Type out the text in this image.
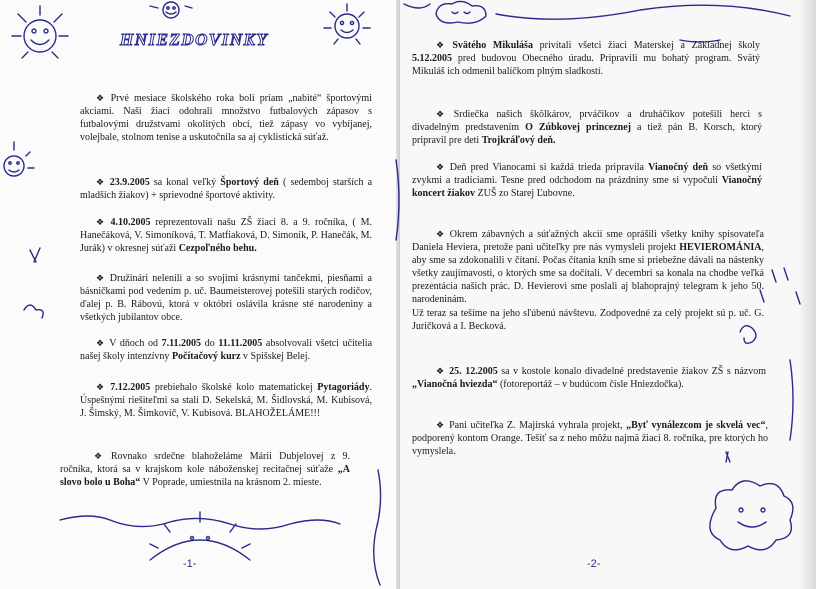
HNIEZDOVINKY

❖ Prvé mesiace školského roka boli priam „nabité“ športovými akciami. Naši žiaci odohrali množstvo futbalových zápasov s futbalovými družstvami okolitých obcí, tiež zápasy vo vybíjanej, volejbale, stolnom tenise a uskutočnila sa aj cyklistická súťaž.

❖ 23.9.2005 sa konal veľký Športový deň ( sedemboj starších a mladších žiakov) + sprievodné športové aktivity.

❖ 4.10.2005 reprezentovali našu ZŠ žiaci 8. a 9. ročníka, ( M. Hanečáková, V. Simoníková, T. Matfiaková, D. Simoník, P. Hanečák, M. Jurák) v okresnej súťaži Cezpoľného behu.

❖ Družinári nelenili a so svojimi krásnymi tančekmi, piesňami a básničkami pod vedením p. uč. Baumeisterovej potešili starých rodičov, ďalej p. B. Rábovú, ktorá v októbri oslávila krásne sté narodeniny a všetkých jubilantov obce.

❖ V dňoch od 7.11.2005 do 11.11.2005 absolvovali všetci učitelia našej školy intenzívny Počítačový kurz v Spišskej Belej.

❖ 7.12.2005 prebiehalo školské kolo matematickej Pytagoriády. Úspešnými riešiteľmi sa stali D. Sekelská, M. Šidlovská, M. Kubisová, J. Šimský, M. Šimkovič, V. Kubisová. BLAHOŽELÁME!!!

❖ Rovnako srdečne blahoželáme Márii Dubjelovej z 9. ročníka, ktorá sa v krajskom kole náboženskej recitačnej súťaže „A slovo bolo u Boha“ V Poprade, umiestnila na krásnom 2. mieste.

-1-

❖ Svätého Mikuláša privítali všetci žiaci Materskej a Základnej školy 5.12.2005 pred budovou Obecného úradu. Pripravili mu bohatý program. Svätý Mikuláš ich odmenil balíčkom plným sladkostí.

❖ Srdiečka našich škôlkárov, prváčikov a druháčikov potešili herci s divadelným predstavením O Zúbkovej princeznej a tiež pán B. Korsch, ktorý pripravil pre deti Trojkráľový deň.

❖ Deň pred Vianocami si každá trieda pripravila Vianočný deň so všetkými zvykmi a tradíciami. Tesne pred odchodom na prázdniny sme si vypočuli Vianočný koncert žiakov ZUŠ zo Starej Ľubovne.

❖ Okrem zábavných a súťažných akcií sme oprášili všetky knihy spisovateľa Daniela Heviera, pretože pani učiteľky pre nás vymysleli projekt HEVIEROMÁNIA, aby sme sa zdokonalili v čítaní. Počas čítania kníh sme si priebežne dávali na nástenky všetky zaujímavosti, o ktorých sme sa dočítali. V decembri sa konala na chodbe veľká prezentácia našich prác. D. Hevierovi sme poslali aj blahoprajný telegram k jeho 50. narodeninám.
Už teraz sa tešíme na jeho sľúbenú návštevu. Zodpovedné za celý projekt sú p. uč. G. Juričková a I. Becková.

❖ 25. 12.2005 sa v kostole konalo divadelné predstavenie žiakov ZŠ s názvom „Vianočná hviezda“ (fotoreportáž – v budúcom čísle Hniezdočka).

❖ Pani učiteľka Z. Majirská vyhrala projekt, „Byť vynálezcom je skvelá vec“, podporený kontom Orange. Tešíť sa z neho môžu najmä žiaci 8. ročníka, pre ktorých ho vymyslela.

-2-
